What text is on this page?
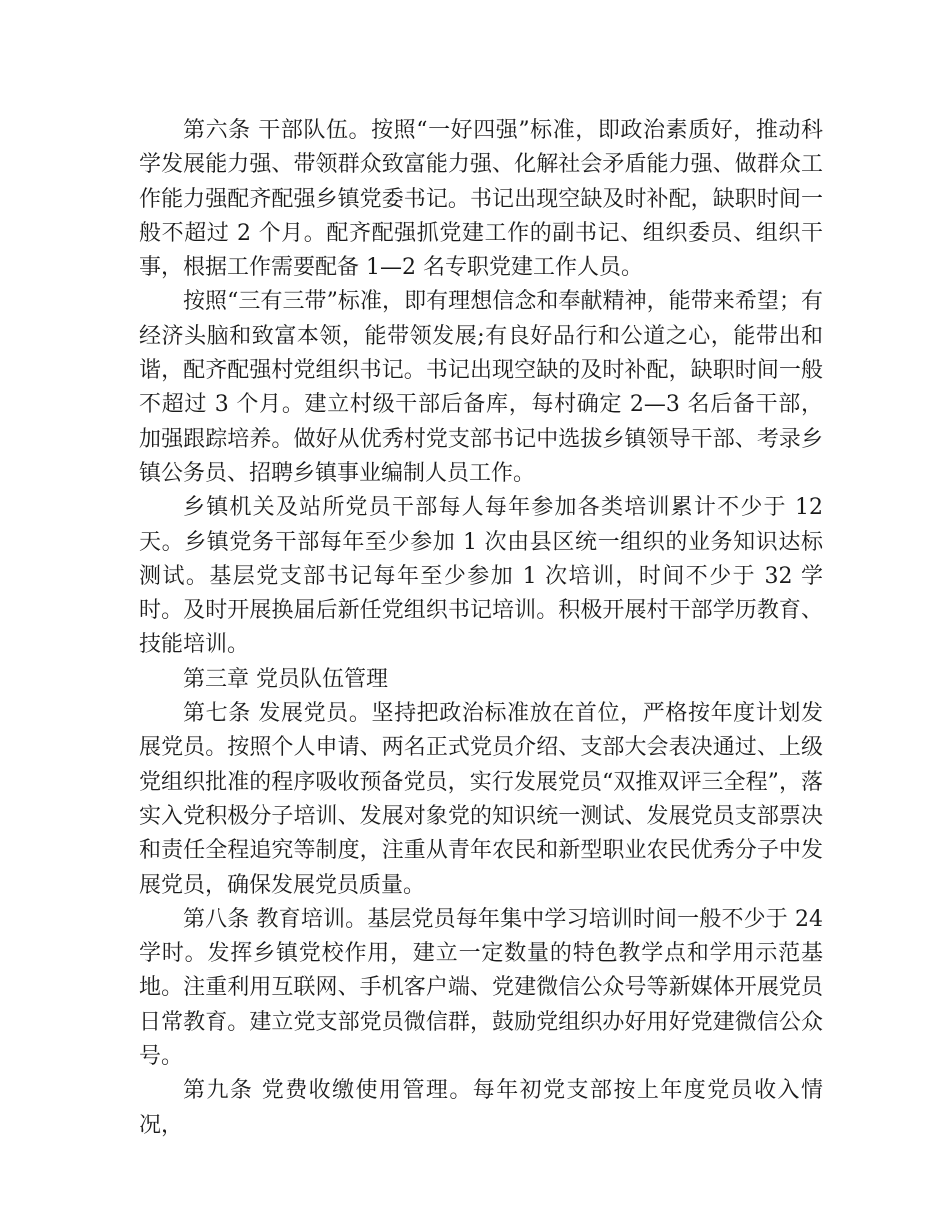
第六条 干部队伍。按照“一好四强”标准，即政治素质好，推动科学发展能力强、带领群众致富能力强、化解社会矛盾能力强、做群众工作能力强配齐配强乡镇党委书记。书记出现空缺及时补配，缺职时间一般不超过 2 个月。配齐配强抓党建工作的副书记、组织委员、组织干事，根据工作需要配备 1—2 名专职党建工作人员。

按照“三有三带”标准，即有理想信念和奉献精神，能带来希望；有经济头脑和致富本领，能带领发展;有良好品行和公道之心，能带出和谐，配齐配强村党组织书记。书记出现空缺的及时补配，缺职时间一般不超过 3 个月。建立村级干部后备库，每村确定 2—3 名后备干部，加强跟踪培养。做好从优秀村党支部书记中选拔乡镇领导干部、考录乡镇公务员、招聘乡镇事业编制人员工作。

乡镇机关及站所党员干部每人每年参加各类培训累计不少于 12 天。乡镇党务干部每年至少参加 1 次由县区统一组织的业务知识达标测试。基层党支部书记每年至少参加 1 次培训，时间不少于 32 学时。及时开展换届后新任党组织书记培训。积极开展村干部学历教育、技能培训。

第三章 党员队伍管理

第七条 发展党员。坚持把政治标准放在首位，严格按年度计划发展党员。按照个人申请、两名正式党员介绍、支部大会表决通过、上级党组织批准的程序吸收预备党员，实行发展党员“双推双评三全程”，落实入党积极分子培训、发展对象党的知识统一测试、发展党员支部票决和责任全程追究等制度，注重从青年农民和新型职业农民优秀分子中发展党员，确保发展党员质量。

第八条 教育培训。基层党员每年集中学习培训时间一般不少于 24 学时。发挥乡镇党校作用，建立一定数量的特色教学点和学用示范基地。注重利用互联网、手机客户端、党建微信公众号等新媒体开展党员日常教育。建立党支部党员微信群，鼓励党组织办好用好党建微信公众号。

第九条 党费收缴使用管理。每年初党支部按上年度党员收入情况，
